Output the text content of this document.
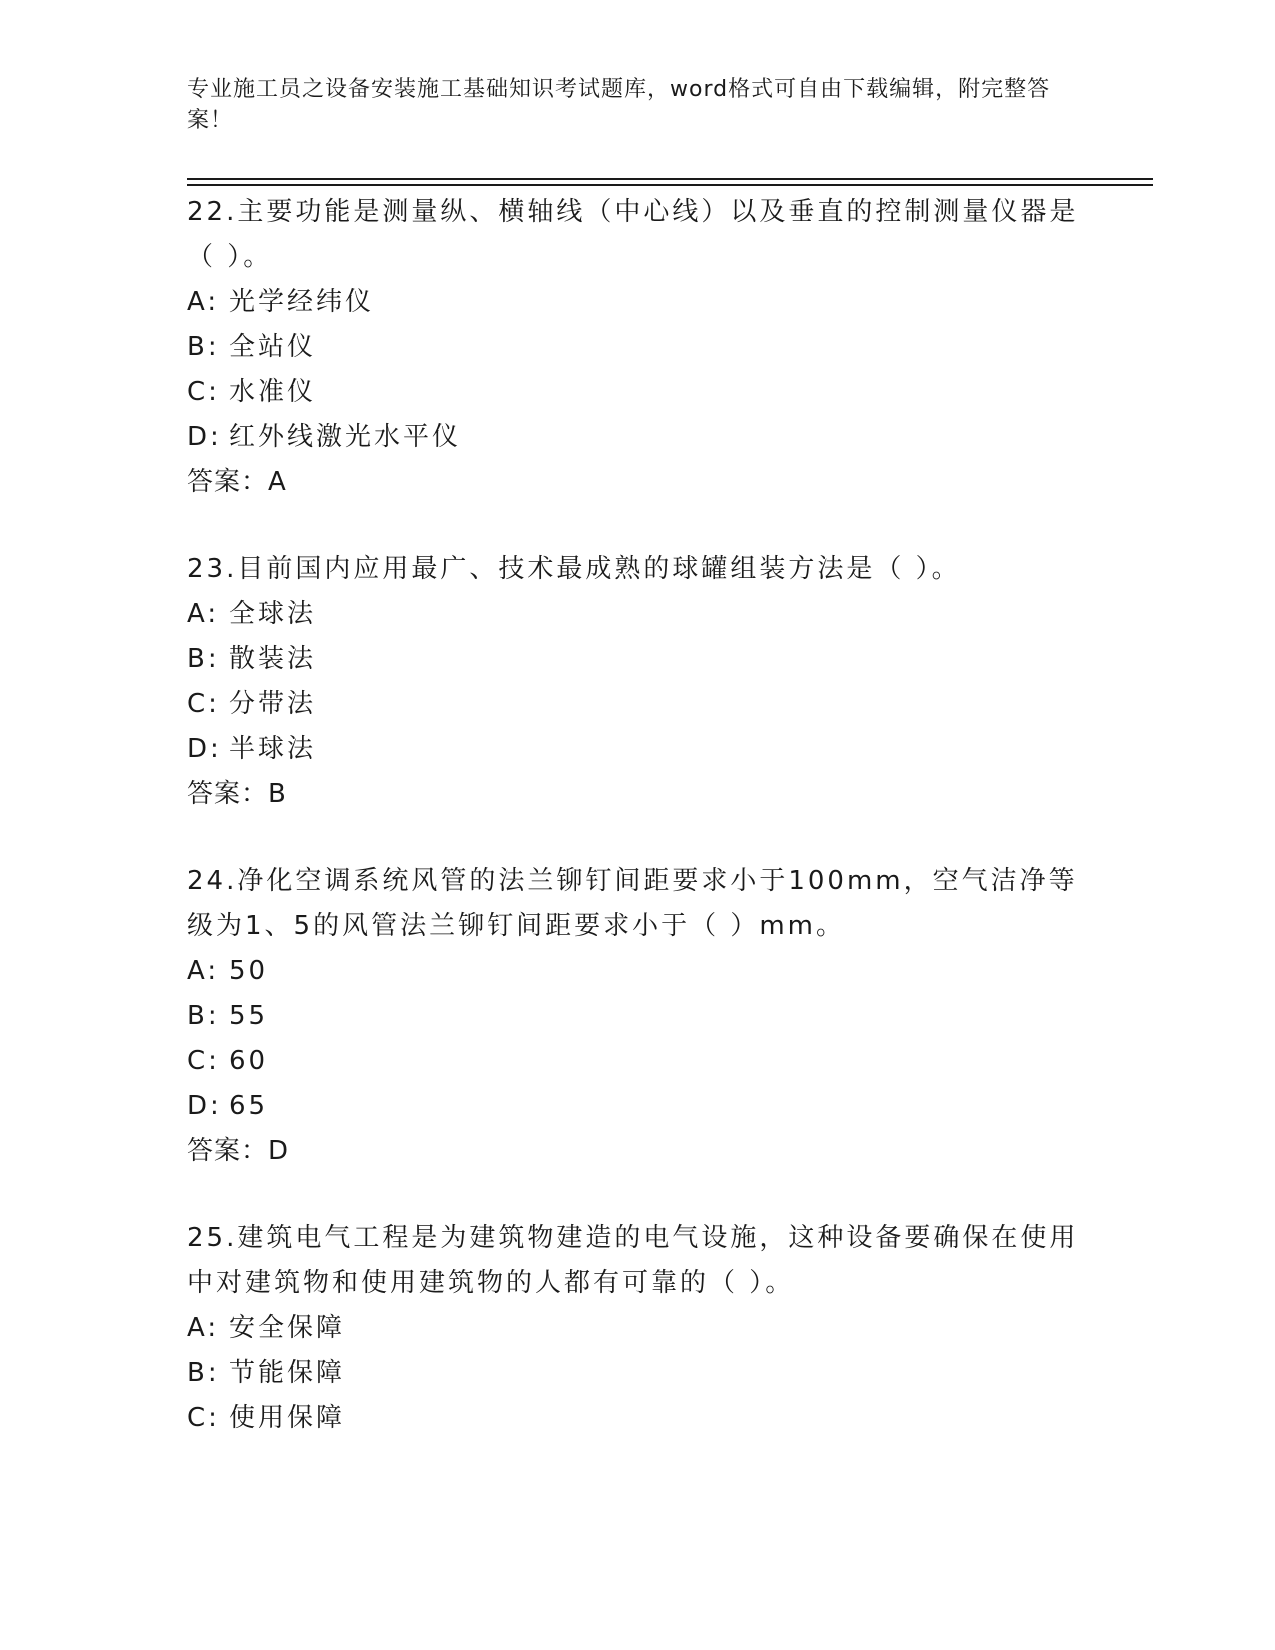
专业施工员之设备安装施工基础知识考试题库，word格式可自由下载编辑，附完整答案！

22.主要功能是测量纵、横轴线（中心线）以及垂直的控制测量仪器是（ ）。

A: 光学经纬仪

B: 全站仪

C: 水准仪

D: 红外线激光水平仪

答案：A

23.目前国内应用最广、技术最成熟的球罐组装方法是（ ）。

A: 全球法

B: 散装法

C: 分带法

D: 半球法

答案：B

24.净化空调系统风管的法兰铆钉间距要求小于100mm，空气洁净等级为1、5的风管法兰铆钉间距要求小于（ ）mm。

A: 50

B: 55

C: 60

D: 65

答案：D

25.建筑电气工程是为建筑物建造的电气设施，这种设备要确保在使用中对建筑物和使用建筑物的人都有可靠的（ ）。

A: 安全保障

B: 节能保障

C: 使用保障
